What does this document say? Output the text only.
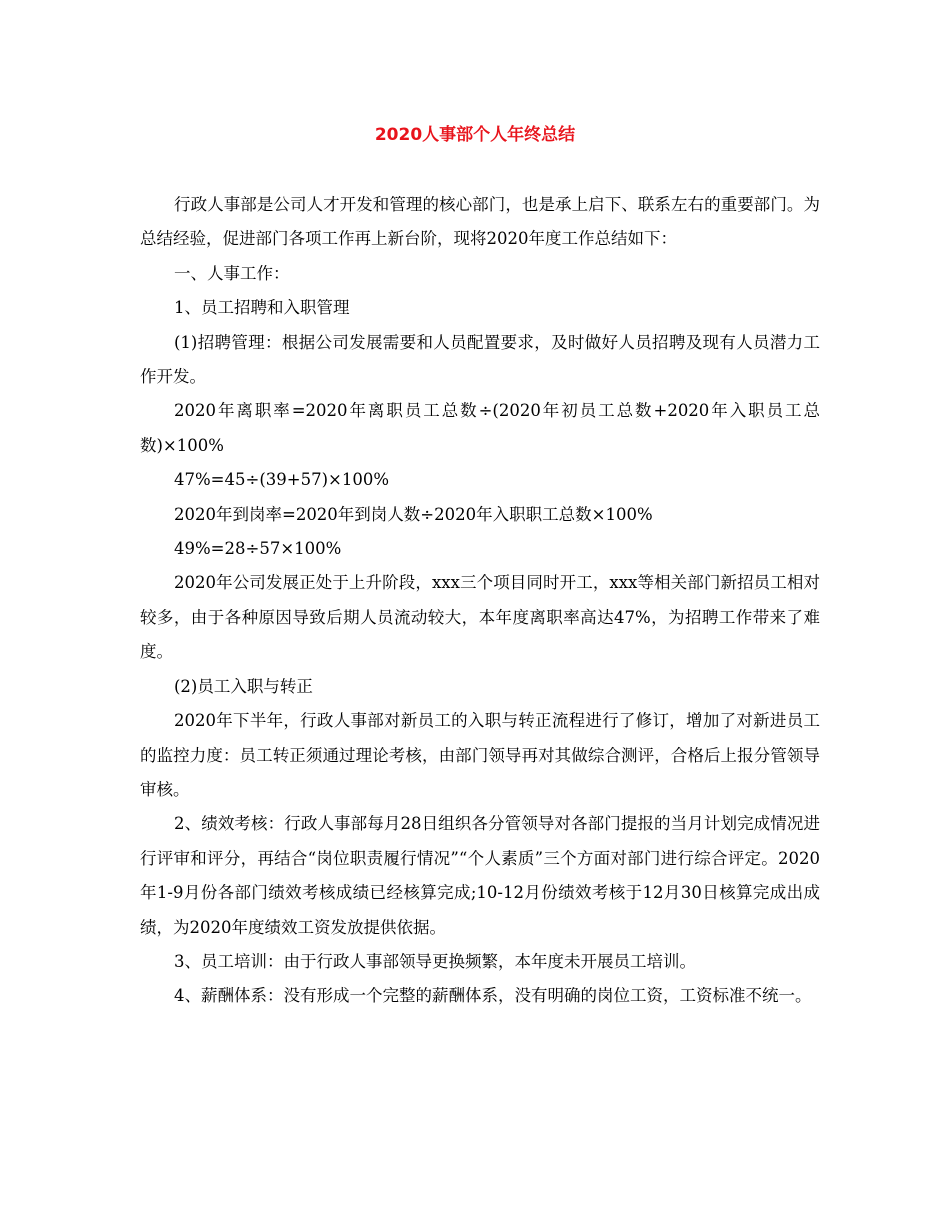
2020人事部个人年终总结

行政人事部是公司人才开发和管理的核心部门，也是承上启下、联系左右的重要部门。为总结经验，促进部门各项工作再上新台阶，现将2020年度工作总结如下：

一、人事工作：

1、员工招聘和入职管理

(1)招聘管理：根据公司发展需要和人员配置要求，及时做好人员招聘及现有人员潜力工作开发。

2020年离职率=2020年离职员工总数÷(2020年初员工总数+2020年入职员工总数)×100%

47%=45÷(39+57)×100%

2020年到岗率=2020年到岗人数÷2020年入职职工总数×100%

49%=28÷57×100%

2020年公司发展正处于上升阶段，xxx三个项目同时开工，xxx等相关部门新招员工相对较多，由于各种原因导致后期人员流动较大，本年度离职率高达47%，为招聘工作带来了难度。

(2)员工入职与转正

2020年下半年，行政人事部对新员工的入职与转正流程进行了修订，增加了对新进员工的监控力度：员工转正须通过理论考核，由部门领导再对其做综合测评，合格后上报分管领导审核。

2、绩效考核：行政人事部每月28日组织各分管领导对各部门提报的当月计划完成情况进行评审和评分，再结合“岗位职责履行情况”“个人素质”三个方面对部门进行综合评定。2020年1-9月份各部门绩效考核成绩已经核算完成;10-12月份绩效考核于12月30日核算完成出成绩，为2020年度绩效工资发放提供依据。

3、员工培训：由于行政人事部领导更换频繁，本年度未开展员工培训。

4、薪酬体系：没有形成一个完整的薪酬体系，没有明确的岗位工资，工资标准不统一。
